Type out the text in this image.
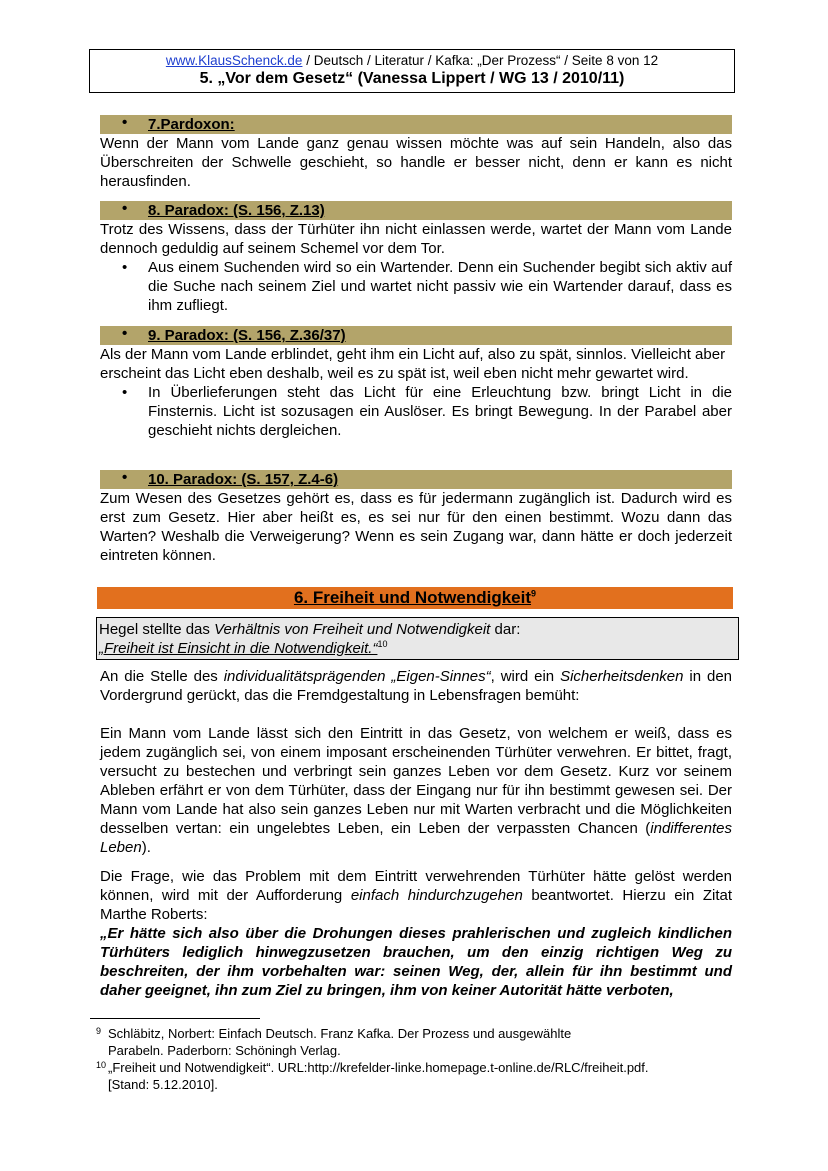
www.KlausSchenck.de / Deutsch / Literatur / Kafka: „Der Prozess“ / Seite 8 von 12
5. „Vor dem Gesetz“ (Vanessa Lippert / WG 13 / 2010/11)
• 7.Pardoxon:
Wenn der Mann vom Lande ganz genau wissen möchte was auf sein Handeln, also das Überschreiten der Schwelle geschieht, so handle er besser nicht, denn er kann es nicht herausfinden.
• 8. Paradox: (S. 156, Z.13)
Trotz des Wissens, dass der Türhüter ihn nicht einlassen werde, wartet der Mann vom Lande dennoch geduldig auf seinem Schemel vor dem Tor.
• Aus einem Suchenden wird so ein Wartender. Denn ein Suchender begibt sich aktiv auf die Suche nach seinem Ziel und wartet nicht passiv wie ein Wartender darauf, dass es ihm zufliegt.
• 9. Paradox: (S. 156, Z.36/37)
Als der Mann vom Lande erblindet, geht ihm ein Licht auf, also zu spät, sinnlos. Vielleicht aber erscheint das Licht eben deshalb, weil es zu spät ist, weil eben nicht mehr gewartet wird.
• In Überlieferungen steht das Licht für eine Erleuchtung bzw. bringt Licht in die Finsternis. Licht ist sozusagen ein Auslöser. Es bringt Bewegung. In der Parabel aber geschieht nichts dergleichen.
• 10. Paradox: (S. 157, Z.4-6)
Zum Wesen des Gesetzes gehört es, dass es für jedermann zugänglich ist. Dadurch wird es erst zum Gesetz. Hier aber heißt es, es sei nur für den einen bestimmt. Wozu dann das Warten? Weshalb die Verweigerung? Wenn es sein Zugang war, dann hätte er doch jederzeit eintreten können.
6. Freiheit und Notwendigkeit$^9$
Hegel stellte das Verhältnis von Freiheit und Notwendigkeit dar:
„Freiheit ist Einsicht in die Notwendigkeit.“$^{10}$
An die Stelle des individualitätsprägenden „Eigen-Sinnes“, wird ein Sicherheitsdenken in den Vordergrund gerückt, das die Fremdgestaltung in Lebensfragen bemüht:
Ein Mann vom Lande lässt sich den Eintritt in das Gesetz, von welchem er weiß, dass es jedem zugänglich sei, von einem imposant erscheinenden Türhüter verwehren. Er bittet, fragt, versucht zu bestechen und verbringt sein ganzes Leben vor dem Gesetz. Kurz vor seinem Ableben erfährt er von dem Türhüter, dass der Eingang nur für ihn bestimmt gewesen sei. Der Mann vom Lande hat also sein ganzes Leben nur mit Warten verbracht und die Möglichkeiten desselben vertan: ein ungelebtes Leben, ein Leben der verpassten Chancen (indifferentes Leben).
Die Frage, wie das Problem mit dem Eintritt verwehrenden Türhüter hätte gelöst werden können, wird mit der Aufforderung einfach hindurchzugehen beantwortet. Hierzu ein Zitat Marthe Roberts:
„Er hätte sich also über die Drohungen dieses prahlerischen und zugleich kindlichen Türhüters lediglich hinwegzusetzen brauchen, um den einzig richtigen Weg zu beschreiten, der ihm vorbehalten war: seinen Weg, der, allein für ihn bestimmt und daher geeignet, ihn zum Ziel zu bringen, ihm von keiner Autorität hätte verboten,
9 Schläbitz, Norbert: Einfach Deutsch. Franz Kafka. Der Prozess und ausgewählte
Parabeln. Paderborn: Schöningh Verlag.
10 „Freiheit und Notwendigkeit“. URL:http://krefelder-linke.homepage.t-online.de/RLC/freiheit.pdf.
[Stand: 5.12.2010].
